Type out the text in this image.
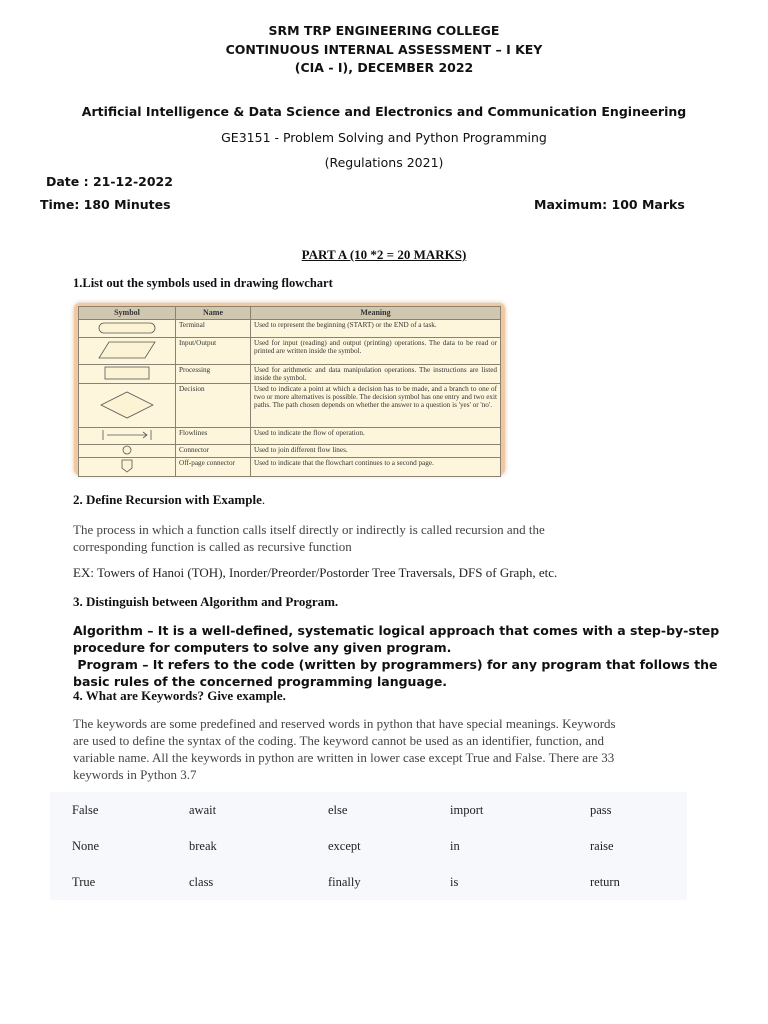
SRM TRP ENGINEERING COLLEGE
CONTINUOUS INTERNAL ASSESSMENT – I KEY
(CIA - I), DECEMBER 2022
Artificial Intelligence & Data Science and Electronics and Communication Engineering
GE3151 - Problem Solving and Python Programming
(Regulations 2021)
Date : 21-12-2022
Time: 180 Minutes	Maximum: 100 Marks
PART A (10 *2 = 20 MARKS)
1.List out the symbols used in drawing flowchart
Symbol	Name	Meaning
	Terminal	Used to represent the beginning (START) or the END of a task.
	Input/Output	Used for input (reading) and output (printing) operations. The data to be read or printed are written inside the symbol.
	Processing	Used for arithmetic and data manipulation operations. The instructions are listed inside the symbol.
	Decision	Used to indicate a point at which a decision has to be made, and a branch to one of two or more alternatives is possible. The decision symbol has one entry and two exit paths. The path chosen depends on whether the answer to a question is 'yes' or 'no'.
	Flowlines	Used to indicate the flow of operation.
	Connector	Used to join different flow lines.
	Off-page connector	Used to indicate that the flowchart continues to a second page.
2. Define Recursion with Example.
The process in which a function calls itself directly or indirectly is called recursion and the
corresponding function is called as recursive function
EX: Towers of Hanoi (TOH), Inorder/Preorder/Postorder Tree Traversals, DFS of Graph, etc.
3. Distinguish between Algorithm and Program.
Algorithm – It is a well-defined, systematic logical approach that comes with a step-by-step
procedure for computers to solve any given program.
Program – It refers to the code (written by programmers) for any program that follows the
basic rules of the concerned programming language.
4. What are Keywords? Give example.
The keywords are some predefined and reserved words in python that have special meanings. Keywords
are used to define the syntax of the coding. The keyword cannot be used as an identifier, function, and
variable name. All the keywords in python are written in lower case except True and False. There are 33
keywords in Python 3.7
False	await	else	import	pass
None	break	except	in	raise
True	class	finally	is	return
